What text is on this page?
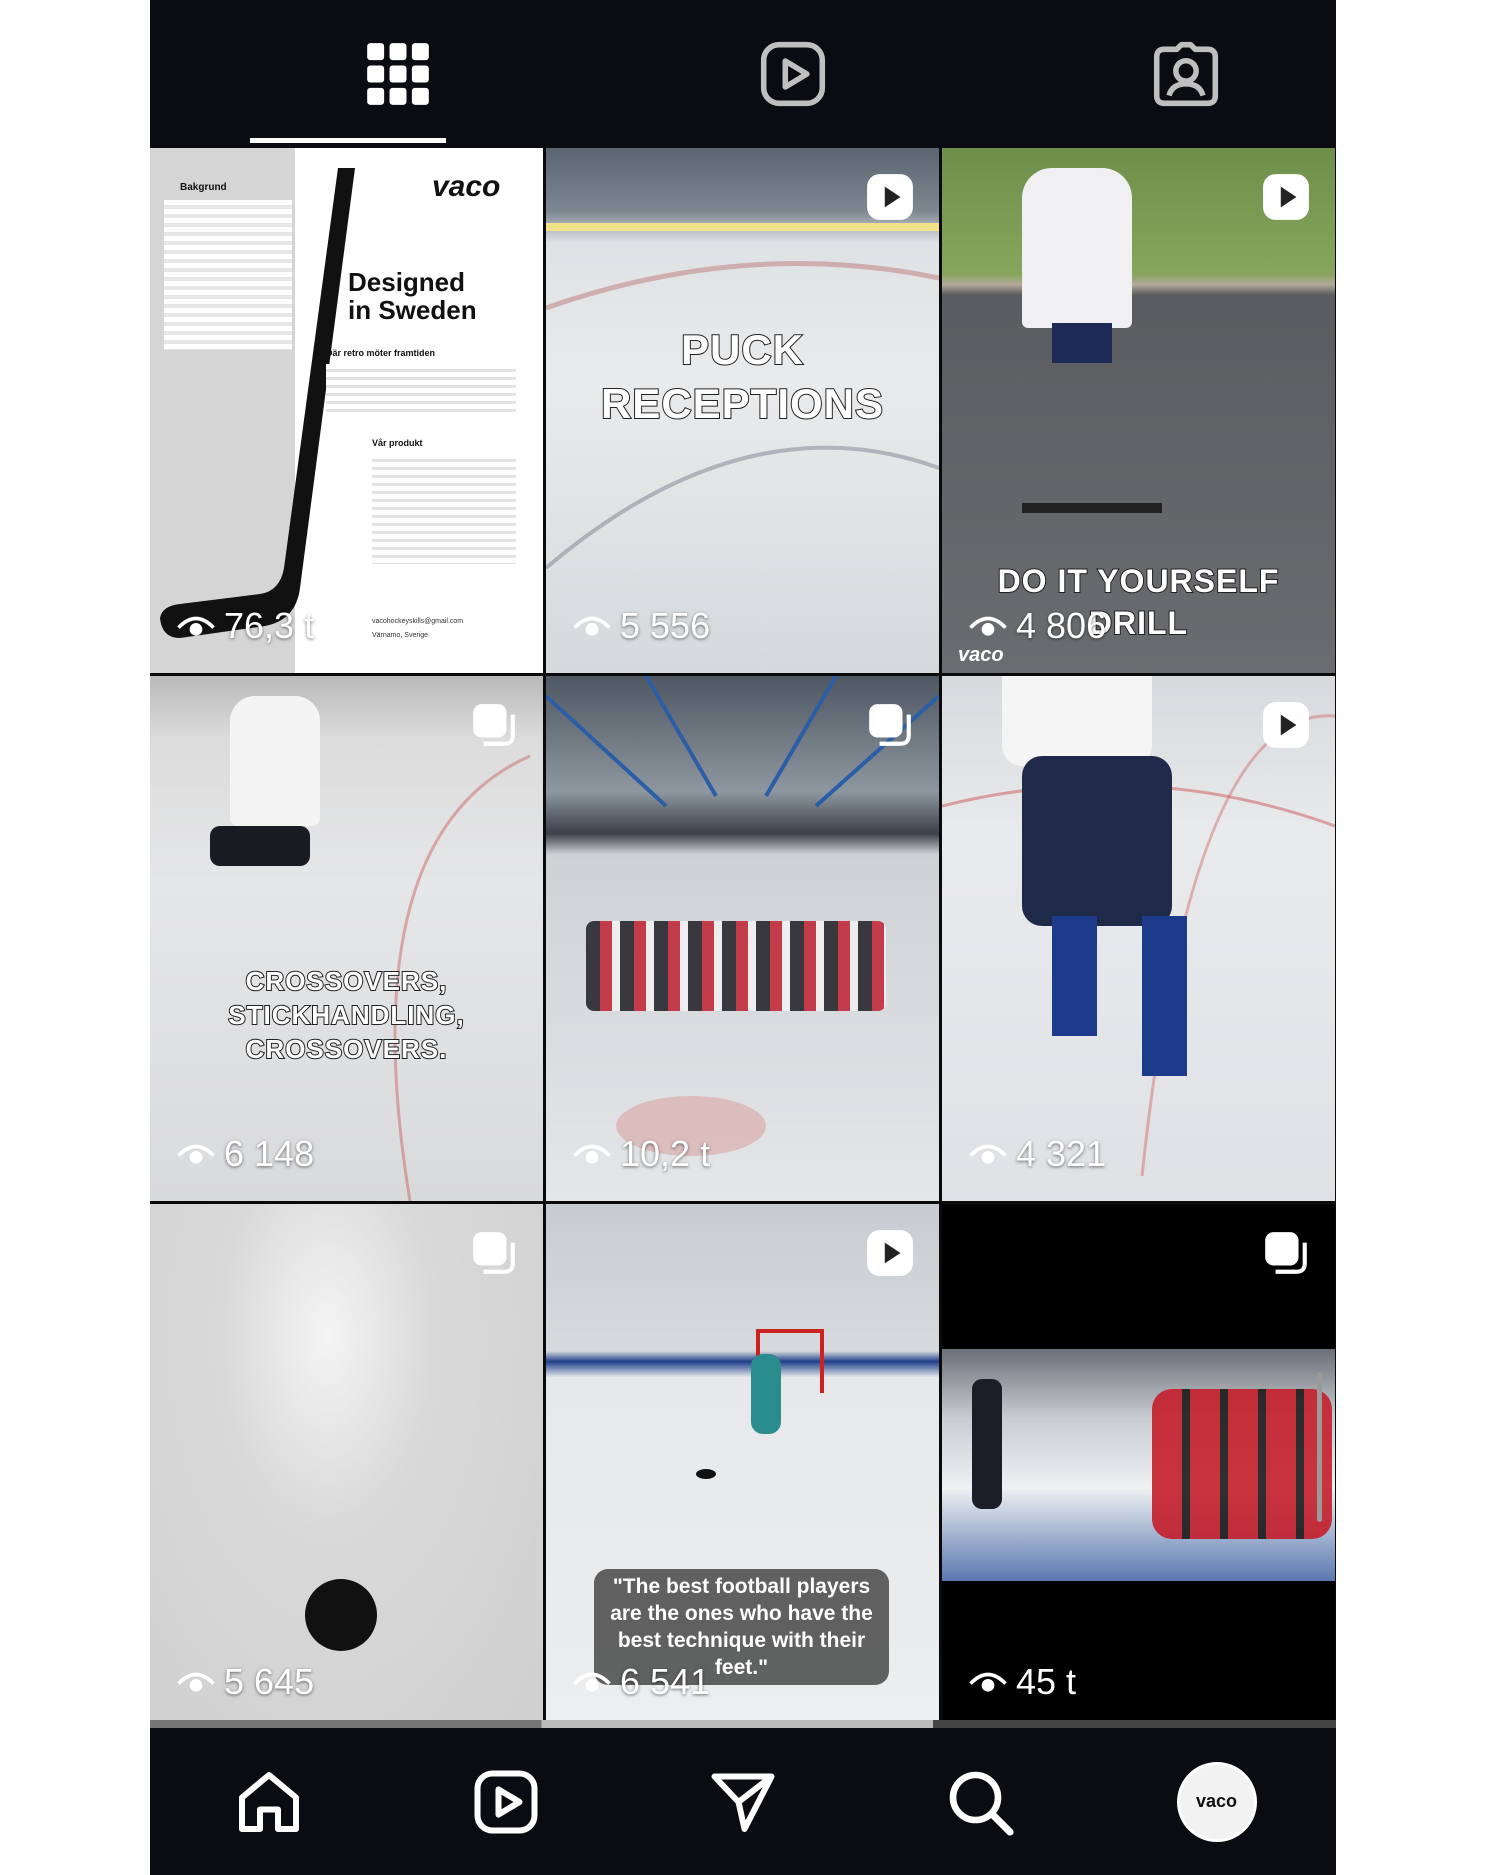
Bakgrund	vaco
Designed
in Sweden
Där retro möter framtiden
Vår produkt
vacohockeyskills@gmail.com
Värnamo, Sverige
76,3 t
PUCK RECEPTIONS
5 556
DO IT YOURSELF DRILL
vaco
4 806
CROSSOVERS, STICKHANDLING, CROSSOVERS.
6 148	10,2 t	4 321
5 645
"The best football players are the ones who have the best technique with their feet."
6 541	45 t
vaco
